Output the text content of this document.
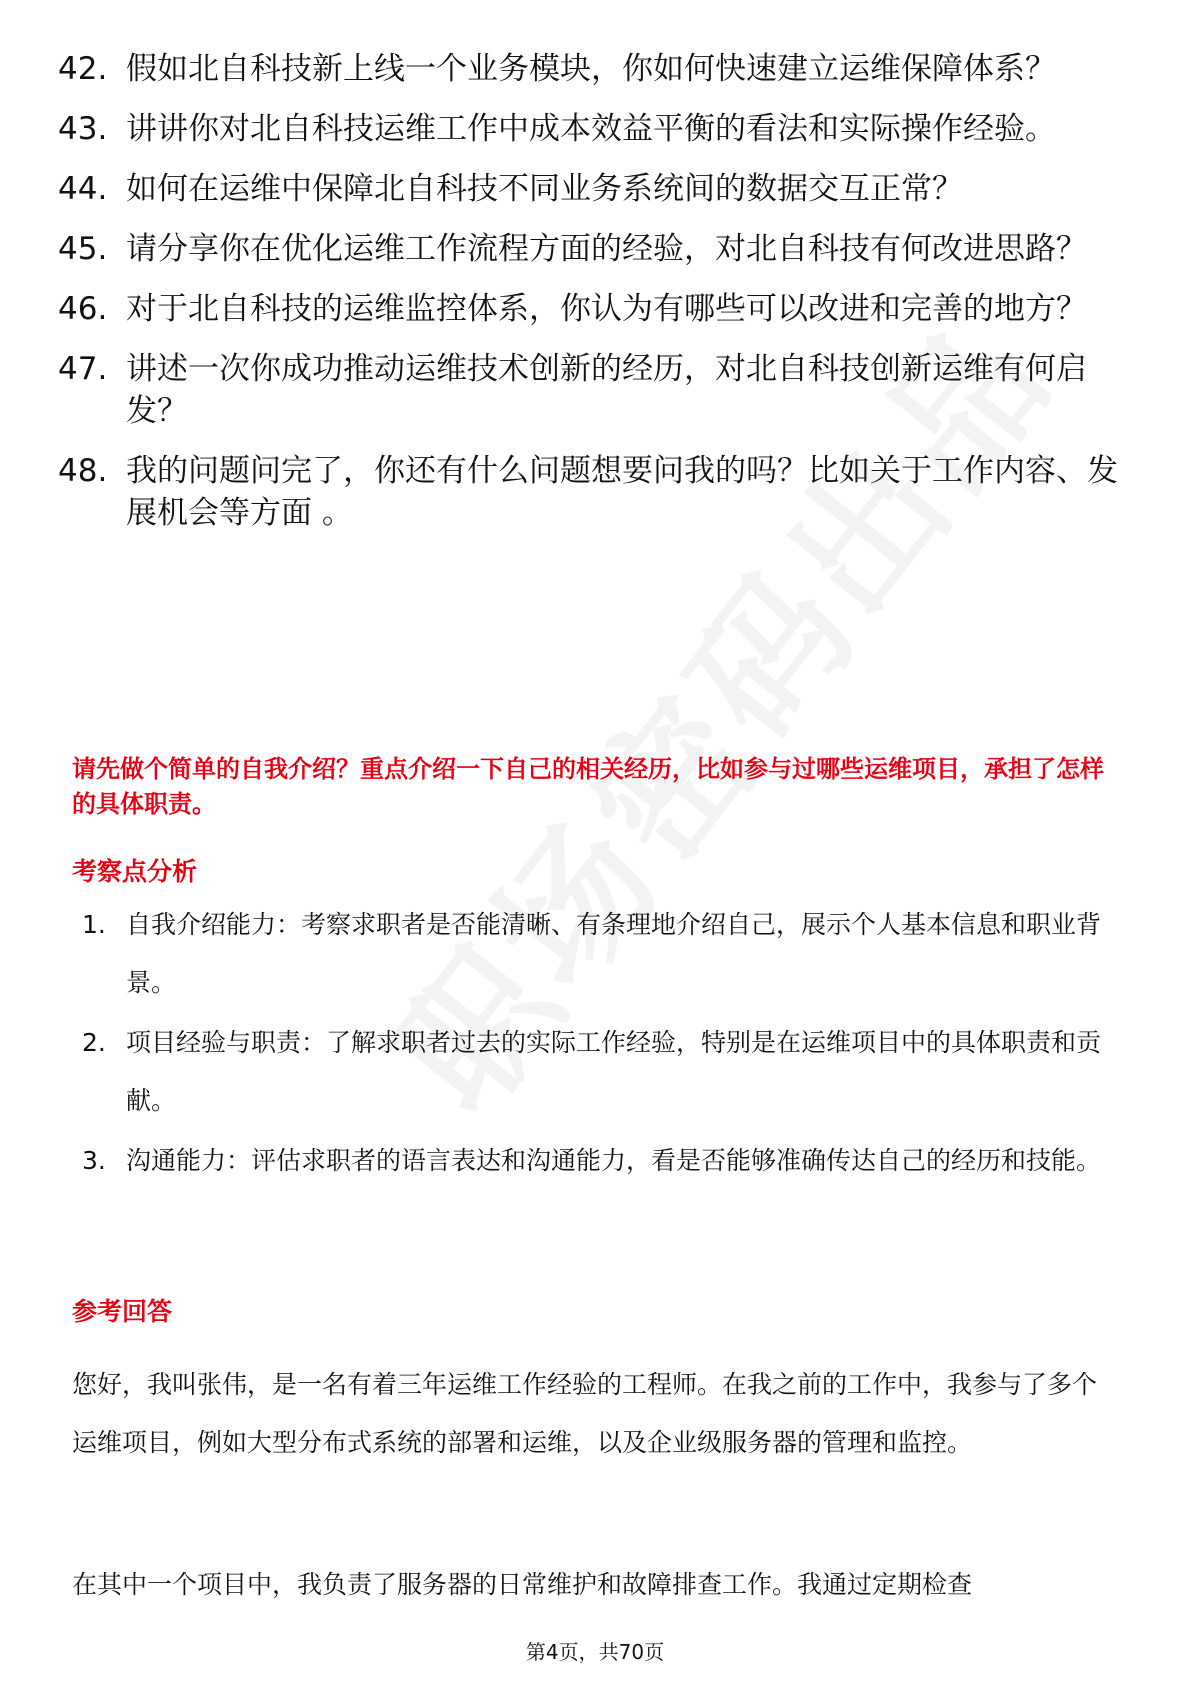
42. 假如北自科技新上线一个业务模块，你如何快速建立运维保障体系？
43. 讲讲你对北自科技运维工作中成本效益平衡的看法和实际操作经验。
44. 如何在运维中保障北自科技不同业务系统间的数据交互正常？
45. 请分享你在优化运维工作流程方面的经验，对北自科技有何改进思路？
46. 对于北自科技的运维监控体系，你认为有哪些可以改进和完善的地方？
47. 讲述一次你成功推动运维技术创新的经历，对北自科技创新运维有何启发？
48. 我的问题问完了，你还有什么问题想要问我的吗？比如关于工作内容、发展机会等方面 。

请先做个简单的自我介绍？重点介绍一下自己的相关经历，比如参与过哪些运维项目，承担了怎样的具体职责。

考察点分析
1. 自我介绍能力：考察求职者是否能清晰、有条理地介绍自己，展示个人基本信息和职业背景。
2. 项目经验与职责：了解求职者过去的实际工作经验，特别是在运维项目中的具体职责和贡献。
3. 沟通能力：评估求职者的语言表达和沟通能力，看是否能够准确传达自己的经历和技能。
参考回答

您好，我叫张伟，是一名有着三年运维工作经验的工程师。在我之前的工作中，我参与了多个运维项目，例如大型分布式系统的部署和运维，以及企业级服务器的管理和监控。

在其中一个项目中，我负责了服务器的日常维护和故障排查工作。我通过定期检查

第4页，共70页
